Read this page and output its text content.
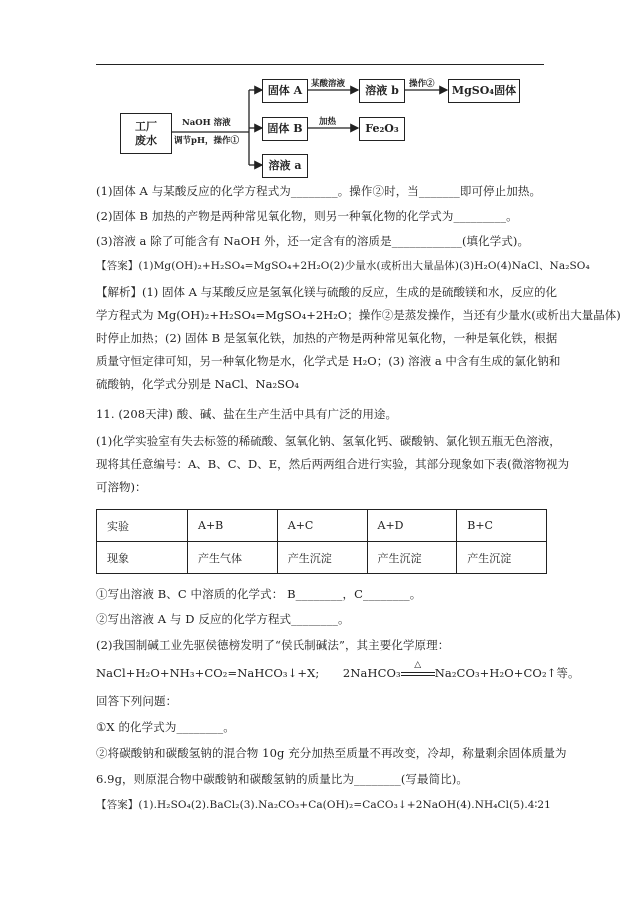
工厂
废水
固体 A
固体 B
溶液 a
溶液 b
Fe₂O₃
MgSO₄固体
NaOH 溶液
调节pH，操作①
某酸溶液	操作②
加热
(1)固体 A 与某酸反应的化学方程式为________。操作②时，当_______即可停止加热。
(2)固体 B 加热的产物是两种常见氧化物，则另一种氧化物的化学式为_________。
(3)溶液 a 除了可能含有 NaOH 外，还一定含有的溶质是____________(填化学式)。
【答案】(1)Mg(OH)₂+H₂SO₄=MgSO₄+2H₂O(2)少量水(或析出大量晶体)(3)H₂O(4)NaCl、Na₂SO₄
【解析】(1) 固体 A 与某酸反应是氢氧化镁与硫酸的反应，生成的是硫酸镁和水，反应的化
学方程式为 Mg(OH)₂+H₂SO₄=MgSO₄+2H₂O；操作②是蒸发操作，当还有少量水(或析出大量晶体)
时停止加热；(2) 固体 B 是氢氧化铁，加热的产物是两种常见氧化物，一种是氧化铁，根据
质量守恒定律可知，另一种氧化物是水，化学式是 H₂O；(3) 溶液 a 中含有生成的氯化钠和
硫酸钠，化学式分别是 NaCl、Na₂SO₄
11. (208天津) 酸、碱、盐在生产生活中具有广泛的用途。
(1)化学实验室有失去标签的稀硫酸、氢氧化钠、氢氧化钙、碳酸钠、氯化钡五瓶无色溶液，
现将其任意编号：A、B、C、D、E，然后两两组合进行实验，其部分现象如下表(微溶物视为
可溶物)：
实验	A+B	A+C	A+D	B+C
现象	产生气体	产生沉淀	产生沉淀	产生沉淀
①写出溶液 B、C 中溶质的化学式： B________，C________。
②写出溶液 A 与 D 反应的化学方程式________。
(2)我国制碱工业先驱侯德榜发明了“侯氏制碱法”，其主要化学原理：
NaCl+H₂O+NH₃+CO₂=NaHCO₃↓+X; 2NaHCO₃
△
Na₂CO₃+H₂O+CO₂↑等。
回答下列问题：
①X 的化学式为________。
②将碳酸钠和碳酸氢钠的混合物 10g 充分加热至质量不再改变，冷却，称量剩余固体质量为
6.9g，则原混合物中碳酸钠和碳酸氢钠的质量比为________(写最简比)。
【答案】(1).H₂SO₄(2).BaCl₂(3).Na₂CO₃+Ca(OH)₂=CaCO₃↓+2NaOH(4).NH₄Cl(5).4∶21
